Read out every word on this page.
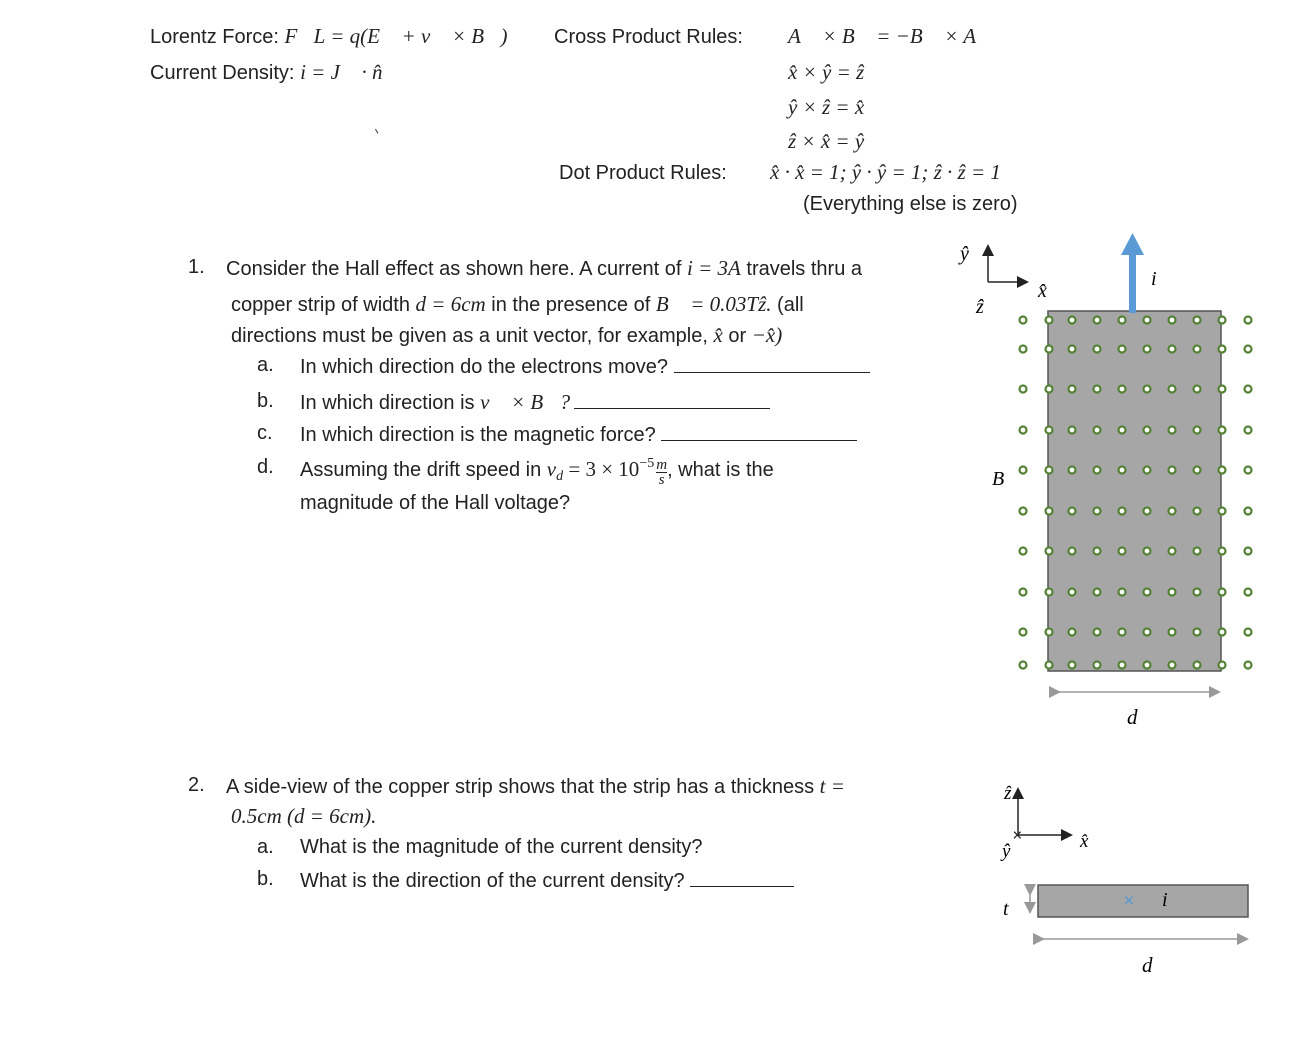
Lorentz Force: F⃗L = q(E⃗ + v⃗ × B⃗)
Current Density: i = J⃗ · n̂
Cross Product Rules: A⃗ × B⃗ = −B⃗ × A⃗
x̂ × ŷ = ẑ
ŷ × ẑ = x̂
ẑ × x̂ = ŷ
Dot Product Rules: x̂ · x̂ = 1; ŷ · ŷ = 1; ẑ · ẑ = 1
(Everything else is zero)
1. Consider the Hall effect as shown here. A current of i = 3A travels thru a
copper strip of width d = 6cm in the presence of B⃗ = 0.03Tẑ. (all
directions must be given as a unit vector, for example, x̂ or −x̂)
a. In which direction do the electrons move?
b. In which direction is v⃗ × B⃗?
c. In which direction is the magnetic force?
d. Assuming the drift speed in $v_d = 3 \times 10^{-5} \frac{m}{s}$ , what is the
magnitude of the Hall voltage?
2. A side-view of the copper strip shows that the strip has a thickness t =
0.5cm (d = 6cm).
a. What is the magnitude of the current density?
b. What is the direction of the current density?
ŷ
x̂
ẑ
i
B⃗
d
ẑ
x̂
×
ŷ
× i
t
d
